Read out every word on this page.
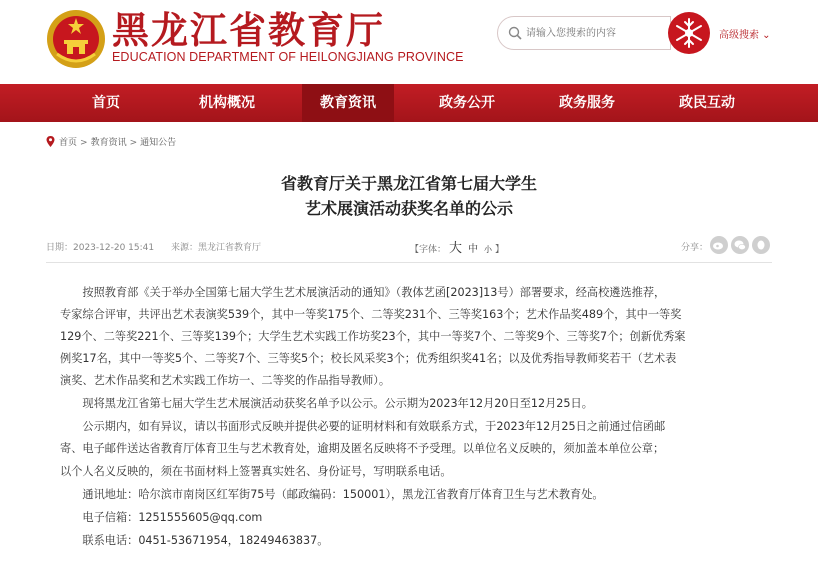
黑龙江省教育厅
EDUCATION DEPARTMENT OF HEILONGJIANG PROVINCE
请输入您搜索的内容
高级搜索 ⌄
首页	机构概况	教育资讯	政务公开	政务服务	政民互动
首页 > 教育资讯 > 通知公告
省教育厅关于黑龙江省第七届大学生
艺术展演活动获奖名单的公示
日期：2023-12-20 15:41 来源：黑龙江省教育厅	【字体： 大 中 小 】	分享：
　　按照教育部《关于举办全国第七届大学生艺术展演活动的通知》（教体艺函[2023]13号）部署要求，经高校遴选推荐，
专家综合评审，共评出艺术表演奖539个，其中一等奖175个、二等奖231个、三等奖163个；艺术作品奖489个，其中一等奖
129个、二等奖221个、三等奖139个；大学生艺术实践工作坊奖23个，其中一等奖7个、二等奖9个、三等奖7个；创新优秀案
例奖17名，其中一等奖5个、二等奖7个、三等奖5个；校长风采奖3个；优秀组织奖41名；以及优秀指导教师奖若干（艺术表
演奖、艺术作品奖和艺术实践工作坊一、二等奖的作品指导教师）。
　　现将黑龙江省第七届大学生艺术展演活动获奖名单予以公示。公示期为2023年12月20日至12月25日。
　　公示期内，如有异议，请以书面形式反映并提供必要的证明材料和有效联系方式，于2023年12月25日之前通过信函邮
寄、电子邮件送达省教育厅体育卫生与艺术教育处，逾期及匿名反映将不予受理。以单位名义反映的，须加盖本单位公章；
以个人名义反映的，须在书面材料上签署真实姓名、身份证号，写明联系电话。
　　通讯地址：哈尔滨市南岗区红军街75号（邮政编码：150001），黑龙江省教育厅体育卫生与艺术教育处。
　　电子信箱：1251555605@qq.com
　　联系电话：0451-53671954，18249463837。
